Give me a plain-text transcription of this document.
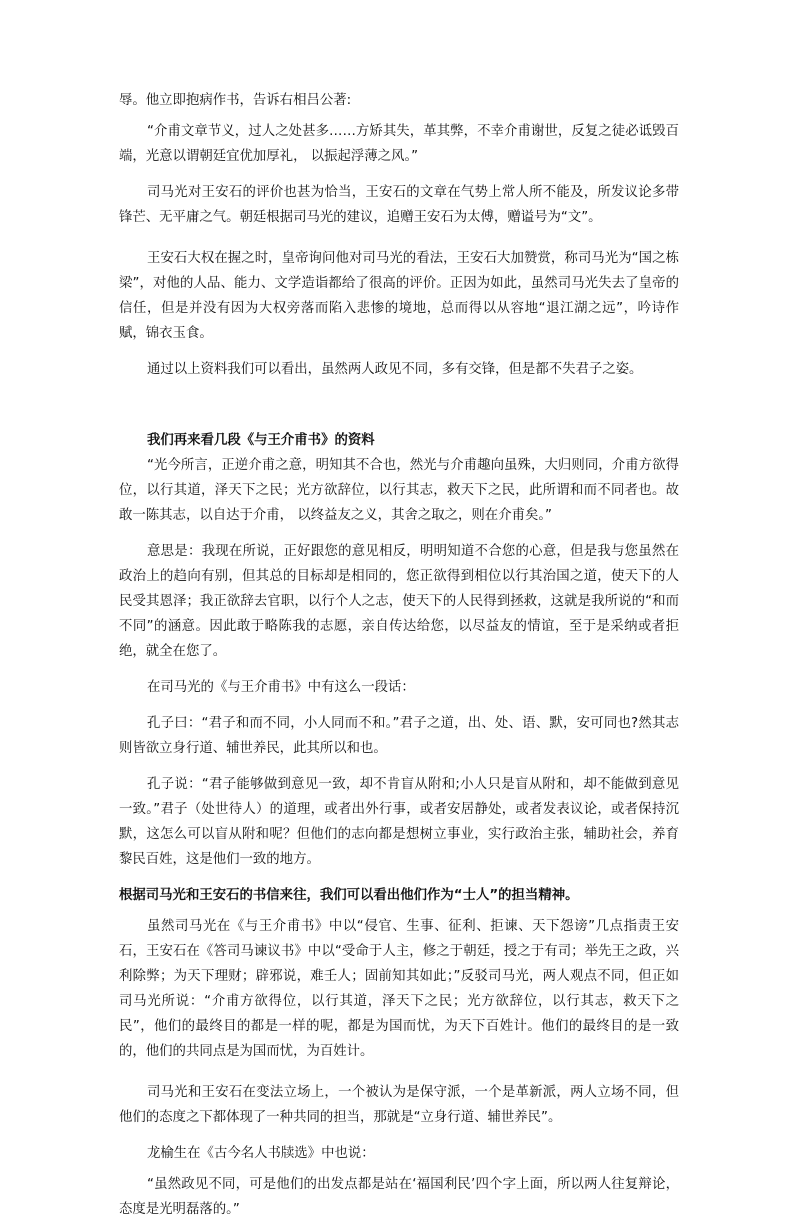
辱。他立即抱病作书，告诉右相吕公著:

“介甫文章节义，过人之处甚多……方矫其失，革其弊，不幸介甫谢世，反复之徒必诋毁百端，光意以谓朝廷宜优加厚礼， 以振起浮薄之风。”

司马光对王安石的评价也甚为恰当，王安石的文章在气势上常人所不能及，所发议论多带锋芒、无平庸之气。朝廷根据司马光的建议，追赠王安石为太傅，赠谥号为“文”。

王安石大权在握之时，皇帝询问他对司马光的看法，王安石大加赞赏，称司马光为“国之栋梁”，对他的人品、能力、文学造诣都给了很高的评价。正因为如此，虽然司马光失去了皇帝的信任，但是并没有因为大权旁落而陷入悲惨的境地，总而得以从容地“退江湖之远”，吟诗作赋，锦衣玉食。

通过以上资料我们可以看出，虽然两人政见不同，多有交锋，但是都不失君子之姿。

我们再来看几段《与王介甫书》的资料

“光今所言，正逆介甫之意，明知其不合也，然光与介甫趣向虽殊，大归则同，介甫方欲得位，以行其道，泽天下之民；光方欲辞位，以行其志，救天下之民，此所谓和而不同者也。故敢一陈其志，以自达于介甫， 以终益友之义，其舍之取之，则在介甫矣。”

意思是：我现在所说，正好跟您的意见相反，明明知道不合您的心意，但是我与您虽然在政治上的趋向有别，但其总的目标却是相同的，您正欲得到相位以行其治国之道，使天下的人民受其恩泽；我正欲辞去官职，以行个人之志，使天下的人民得到拯救，这就是我所说的“和而不同”的涵意。因此敢于略陈我的志愿，亲自传达给您，以尽益友的情谊，至于是采纳或者拒绝，就全在您了。

在司马光的《与王介甫书》中有这么一段话：

孔子曰：“君子和而不同，小人同而不和。”君子之道，出、处、语、默，安可同也?然其志则皆欲立身行道、辅世养民，此其所以和也。

孔子说：“君子能够做到意见一致，却不肯盲从附和;小人只是盲从附和，却不能做到意见一致。”君子（处世待人）的道理，或者出外行事，或者安居静处，或者发表议论，或者保持沉默，这怎么可以盲从附和呢？但他们的志向都是想树立事业，实行政治主张，辅助社会，养育黎民百姓，这是他们一致的地方。

根据司马光和王安石的书信来往，我们可以看出他们作为“士人”的担当精神。

虽然司马光在《与王介甫书》中以“侵官、生事、征利、拒谏、天下怨谤”几点指责王安石，王安石在《答司马谏议书》中以“受命于人主，修之于朝廷，授之于有司；举先王之政，兴利除弊；为天下理财；辟邪说，难壬人；固前知其如此；”反驳司马光，两人观点不同，但正如司马光所说：“介甫方欲得位，以行其道，泽天下之民；光方欲辞位，以行其志，救天下之民”，他们的最终目的都是一样的呢，都是为国而忧，为天下百姓计。他们的最终目的是一致的，他们的共同点是为国而忧，为百姓计。

司马光和王安石在变法立场上，一个被认为是保守派，一个是革新派，两人立场不同，但他们的态度之下都体现了一种共同的担当，那就是“立身行道、辅世养民”。

龙榆生在《古今名人书牍选》中也说：

“虽然政见不同，可是他们的出发点都是站在‘福国利民’四个字上面，所以两人往复辩论，态度是光明磊落的。”
